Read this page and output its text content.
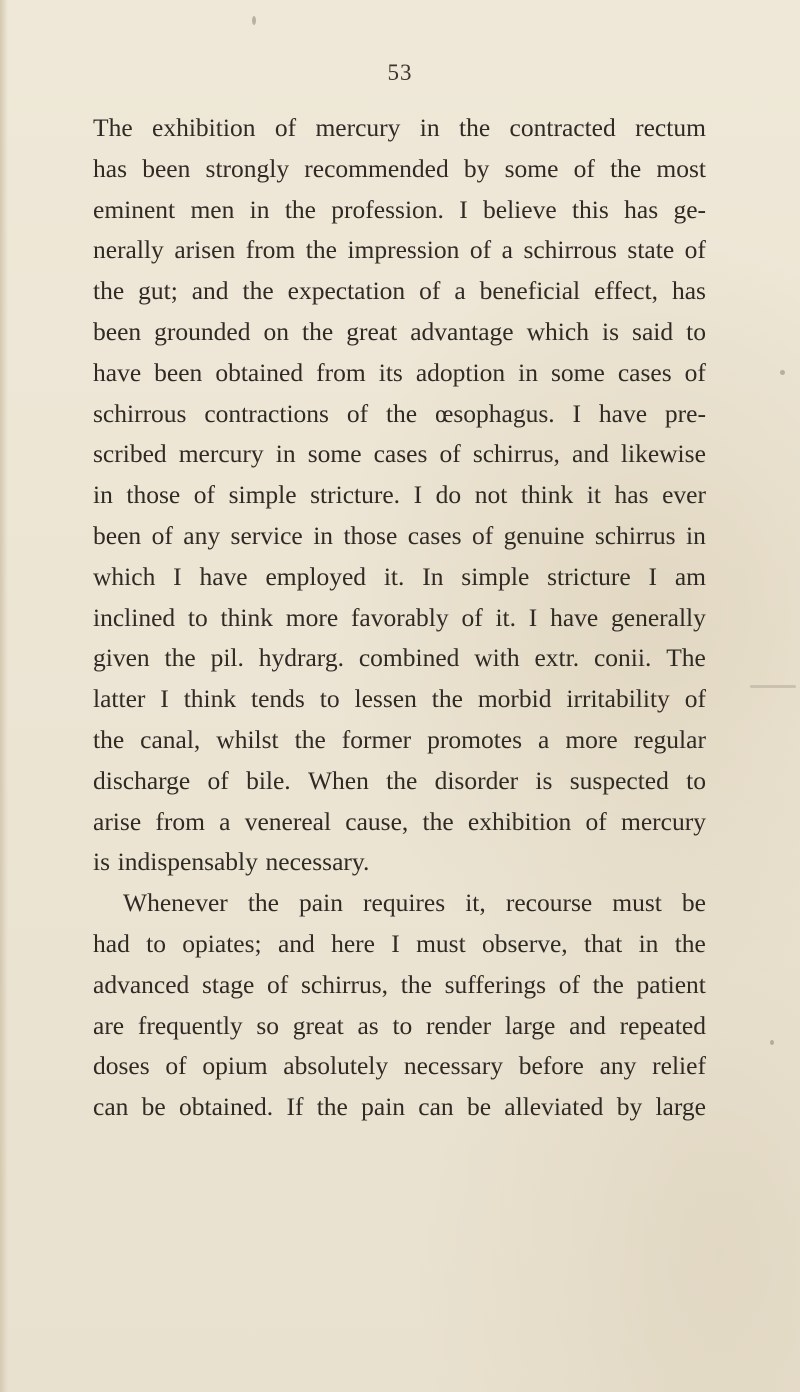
53
The exhibition of mercury in the contracted rectum
has been strongly recommended by some of the most
eminent men in the profession. I believe this has ge-
nerally arisen from the impression of a schirrous state of
the gut; and the expectation of a beneficial effect, has
been grounded on the great advantage which is said to
have been obtained from its adoption in some cases of
schirrous contractions of the œsophagus. I have pre-
scribed mercury in some cases of schirrus, and likewise
in those of simple stricture. I do not think it has ever
been of any service in those cases of genuine schirrus in
which I have employed it. In simple stricture I am
inclined to think more favorably of it. I have generally
given the pil. hydrarg. combined with extr. conii. The
latter I think tends to lessen the morbid irritability of
the canal, whilst the former promotes a more regular
discharge of bile. When the disorder is suspected to
arise from a venereal cause, the exhibition of mercury
is indispensably necessary.
Whenever the pain requires it, recourse must be
had to opiates; and here I must observe, that in the
advanced stage of schirrus, the sufferings of the patient
are frequently so great as to render large and repeated
doses of opium absolutely necessary before any relief
can be obtained. If the pain can be alleviated by large
